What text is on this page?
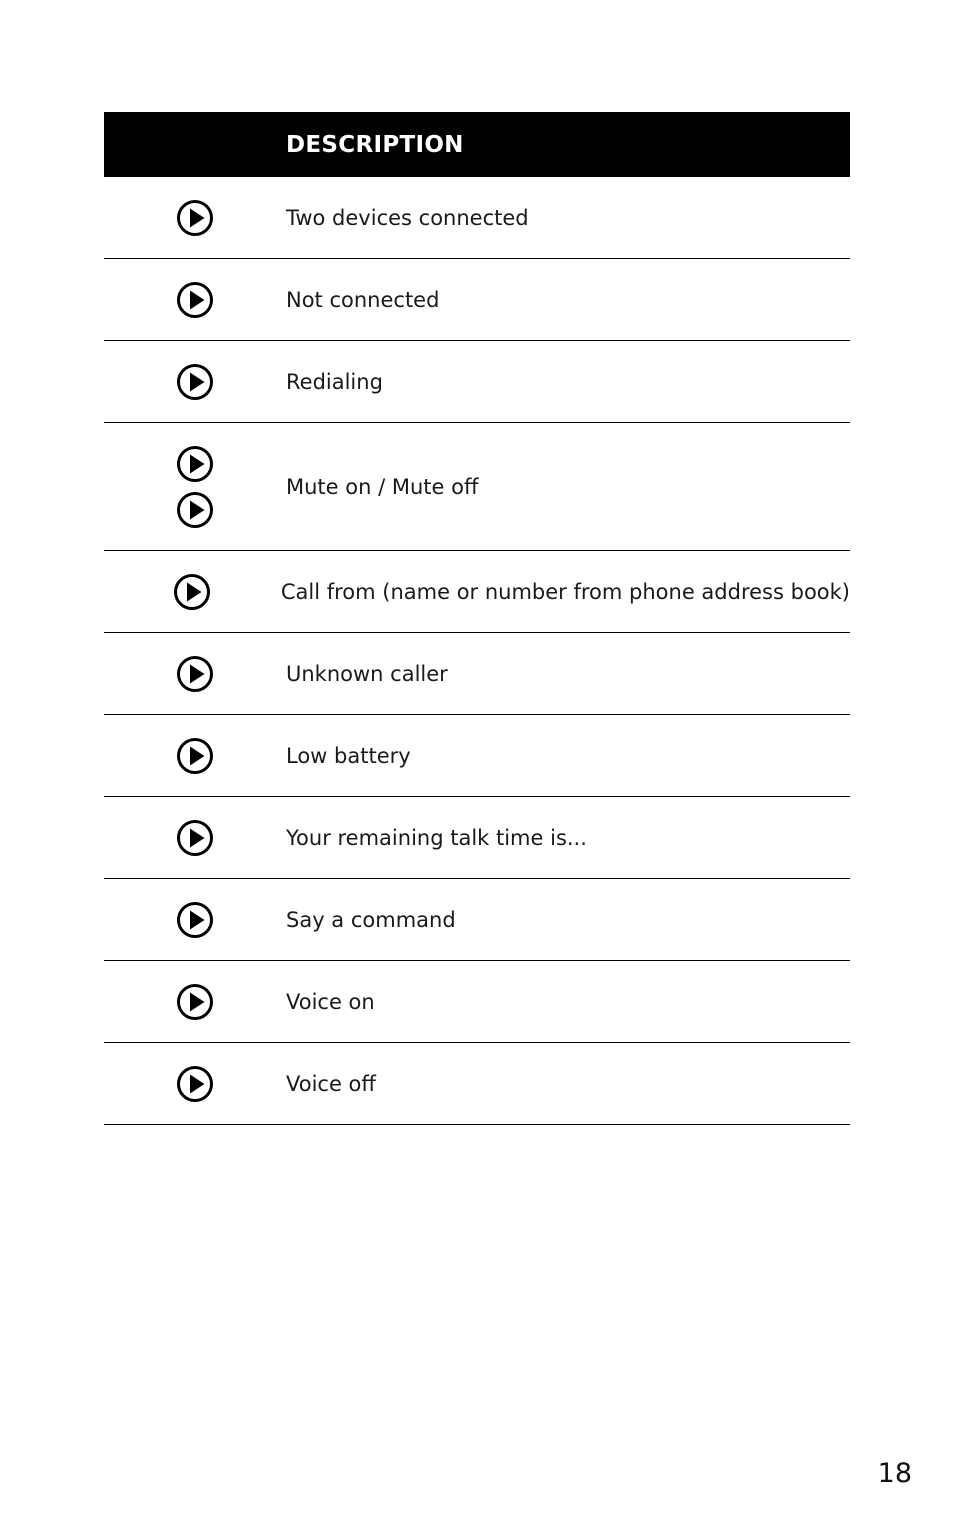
DESCRIPTION
Two devices connected
Not connected
Redialing
Mute on / Mute off
Call from (name or number from phone address book)
Unknown caller
Low battery
Your remaining talk time is...
Say a command
Voice on
Voice off
18
